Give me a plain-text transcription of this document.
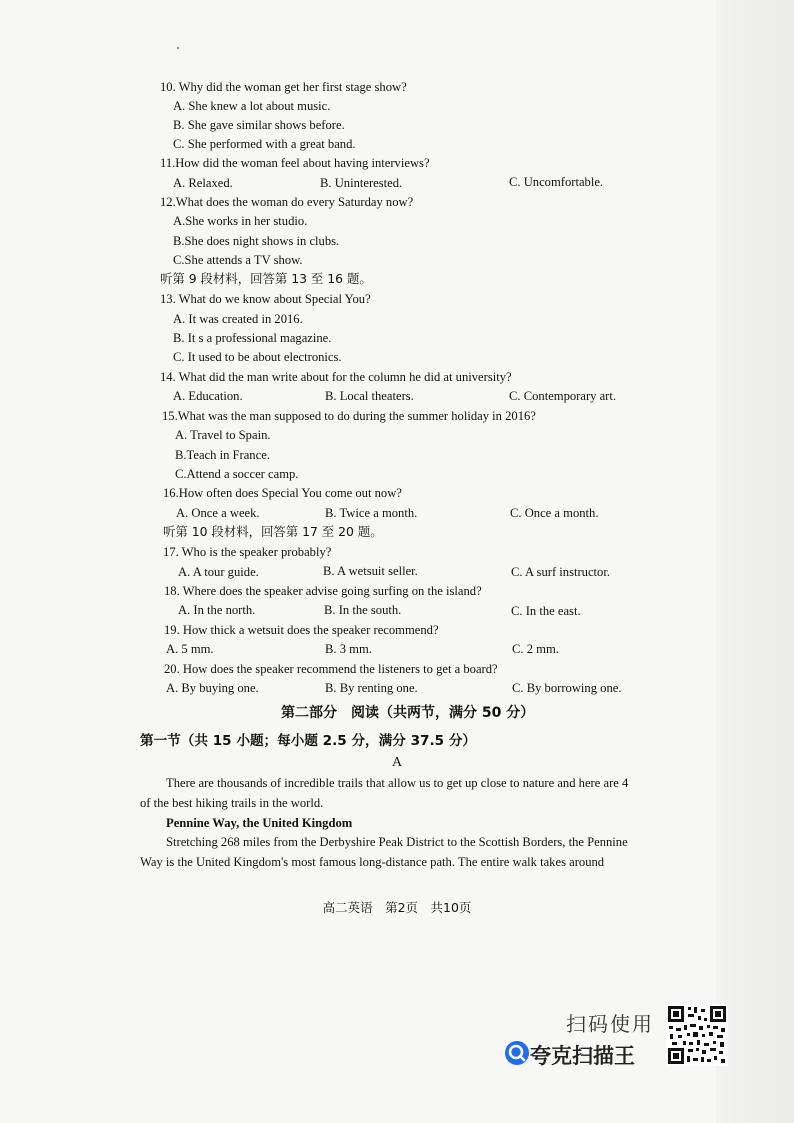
10. Why did the woman get her first stage show?
A. She knew a lot about music.
B. She gave similar shows before.
C. She performed with a great band.
11.How did the woman feel about having interviews?
A. Relaxed.	B. Uninterested.	C. Uncomfortable.
12.What does the woman do every Saturday now?
A.She works in her studio.
B.She does night shows in clubs.
C.She attends a TV show.
听第 9 段材料，回答第 13 至 16 题。
13. What do we know about Special You?
A. It was created in 2016.
B. It s a professional magazine.
C. It used to be about electronics.
14. What did the man write about for the column he did at university?
A. Education.	B. Local theaters.	C. Contemporary art.
15.What was the man supposed to do during the summer holiday in 2016?
A. Travel to Spain.
B.Teach in France.
C.Attend a soccer camp.
16.How often does Special You come out now?
A. Once a week.	B. Twice a month.	C. Once a month.
听第 10 段材料，回答第 17 至 20 题。
17. Who is the speaker probably?
A. A tour guide.	B. A wetsuit seller.	C. A surf instructor.
18. Where does the speaker advise going surfing on the island?
A. In the north.	B. In the south.	C. In the east.
19. How thick a wetsuit does the speaker recommend?
A. 5 mm.	B. 3 mm.	C. 2 mm.
20. How does the speaker recommend the listeners to get a board?
A. By buying one.	B. By renting one.	C. By borrowing one.
第二部分　阅读（共两节，满分 50 分）
第一节（共 15 小题；每小题 2.5 分，满分 37.5 分）
A
There are thousands of incredible trails that allow us to get up close to nature and here are 4
of the best hiking trails in the world.
Pennine Way, the United Kingdom
Stretching 268 miles from the Derbyshire Peak District to the Scottish Borders, the Pennine
Way is the United Kingdom's most famous long-distance path. The entire walk takes around
高二英语　第2页　共10页
扫码使用
夸克扫描王
